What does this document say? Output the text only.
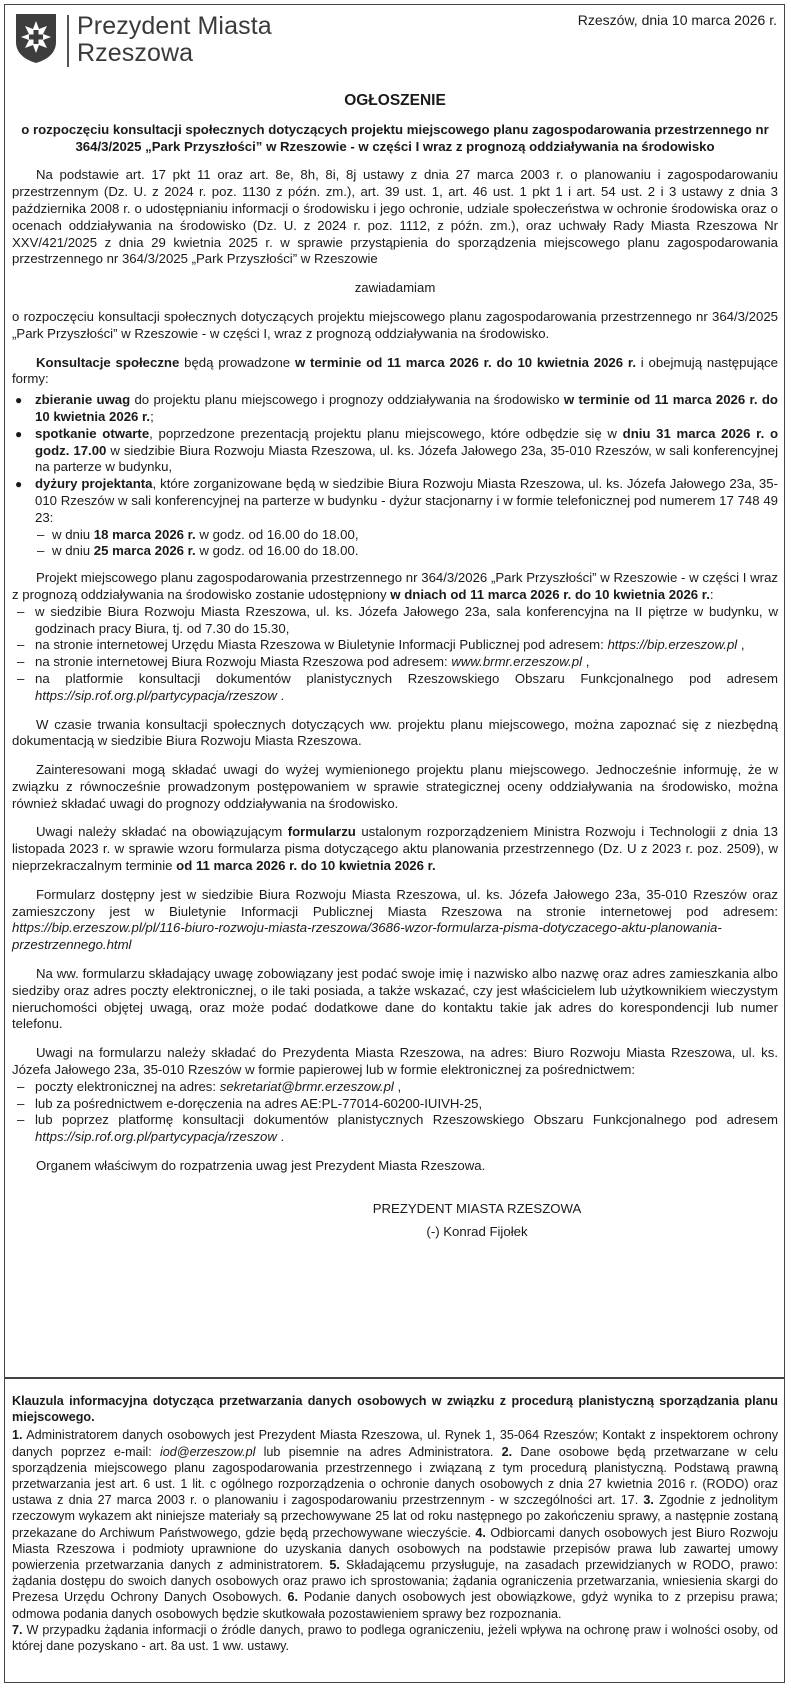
Prezydent Miasta
Rzeszowa
Rzeszów, dnia 10 marca 2026 r.

OGŁOSZENIE

o rozpoczęciu konsultacji społecznych dotyczących projektu miejscowego planu zagospodarowania przestrzennego nr 364/3/2025 „Park Przyszłości” w Rzeszowie - w części I wraz z prognozą oddziaływania na środowisko

Na podstawie art. 17 pkt 11 oraz art. 8e, 8h, 8i, 8j ustawy z dnia 27 marca 2003 r. o planowaniu i zagospodarowaniu przestrzennym (Dz. U. z 2024 r. poz. 1130 z późn. zm.), art. 39 ust. 1, art. 46 ust. 1 pkt 1 i art. 54 ust. 2 i 3 ustawy z dnia 3 października 2008 r. o udostępnianiu informacji o środowisku i jego ochronie, udziale społeczeństwa w ochronie środowiska oraz o ocenach oddziaływania na środowisko (Dz. U. z 2024 r. poz. 1112, z późn. zm.), oraz uchwały Rady Miasta Rzeszowa Nr XXV/421/2025 z dnia 29 kwietnia 2025 r. w sprawie przystąpienia do sporządzenia miejscowego planu zagospodarowania przestrzennego nr 364/3/2025 „Park Przyszłości” w Rzeszowie

zawiadamiam

o rozpoczęciu konsultacji społecznych dotyczących projektu miejscowego planu zagospodarowania przestrzennego nr 364/3/2025 „Park Przyszłości” w Rzeszowie - w części I, wraz z prognozą oddziaływania na środowisko.

Konsultacje społeczne będą prowadzone w terminie od 11 marca 2026 r. do 10 kwietnia 2026 r. i obejmują następujące formy:

● zbieranie uwag do projektu planu miejscowego i prognozy oddziaływania na środowisko w terminie od 11 marca 2026 r. do 10 kwietnia 2026 r.;
● spotkanie otwarte, poprzedzone prezentacją projektu planu miejscowego, które odbędzie się w dniu 31 marca 2026 r. o godz. 17.00 w siedzibie Biura Rozwoju Miasta Rzeszowa, ul. ks. Józefa Jałowego 23a, 35-010 Rzeszów, w sali konferencyjnej na parterze w budynku,
● dyżury projektanta, które zorganizowane będą w siedzibie Biura Rozwoju Miasta Rzeszowa, ul. ks. Józefa Jałowego 23a, 35-010 Rzeszów w sali konferencyjnej na parterze w budynku - dyżur stacjonarny i w formie telefonicznej pod numerem 17 748 49 23:
– w dniu 18 marca 2026 r. w godz. od 16.00 do 18.00,
– w dniu 25 marca 2026 r. w godz. od 16.00 do 18.00.

Projekt miejscowego planu zagospodarowania przestrzennego nr 364/3/2026 „Park Przyszłości” w Rzeszowie - w części I wraz z prognozą oddziaływania na środowisko zostanie udostępniony w dniach od 11 marca 2026 r. do 10 kwietnia 2026 r.:

– w siedzibie Biura Rozwoju Miasta Rzeszowa, ul. ks. Józefa Jałowego 23a, sala konferencyjna na II piętrze w budynku, w godzinach pracy Biura, tj. od 7.30 do 15.30,
– na stronie internetowej Urzędu Miasta Rzeszowa w Biuletynie Informacji Publicznej pod adresem: https://bip.erzeszow.pl ,
– na stronie internetowej Biura Rozwoju Miasta Rzeszowa pod adresem: www.brmr.erzeszow.pl ,
– na platformie konsultacji dokumentów planistycznych Rzeszowskiego Obszaru Funkcjonalnego pod adresem https://sip.rof.org.pl/partycypacja/rzeszow .

W czasie trwania konsultacji społecznych dotyczących ww. projektu planu miejscowego, można zapoznać się z niezbędną dokumentacją w siedzibie Biura Rozwoju Miasta Rzeszowa.

Zainteresowani mogą składać uwagi do wyżej wymienionego projektu planu miejscowego. Jednocześnie informuję, że w związku z równocześnie prowadzonym postępowaniem w sprawie strategicznej oceny oddziaływania na środowisko, można również składać uwagi do prognozy oddziaływania na środowisko.

Uwagi należy składać na obowiązującym formularzu ustalonym rozporządzeniem Ministra Rozwoju i Technologii z dnia 13 listopada 2023 r. w sprawie wzoru formularza pisma dotyczącego aktu planowania przestrzennego (Dz. U z 2023 r. poz. 2509), w nieprzekraczalnym terminie od 11 marca 2026 r. do 10 kwietnia 2026 r.

Formularz dostępny jest w siedzibie Biura Rozwoju Miasta Rzeszowa, ul. ks. Józefa Jałowego 23a, 35-010 Rzeszów oraz zamieszczony jest w Biuletynie Informacji Publicznej Miasta Rzeszowa na stronie internetowej pod adresem: https://bip.erzeszow.pl/pl/116-biuro-rozwoju-miasta-rzeszowa/3686-wzor-formularza-pisma-dotyczacego-aktu-planowania-przestrzennego.html

Na ww. formularzu składający uwagę zobowiązany jest podać swoje imię i nazwisko albo nazwę oraz adres zamieszkania albo siedziby oraz adres poczty elektronicznej, o ile taki posiada, a także wskazać, czy jest właścicielem lub użytkownikiem wieczystym nieruchomości objętej uwagą, oraz może podać dodatkowe dane do kontaktu takie jak adres do korespondencji lub numer telefonu.

Uwagi na formularzu należy składać do Prezydenta Miasta Rzeszowa, na adres: Biuro Rozwoju Miasta Rzeszowa, ul. ks. Józefa Jałowego 23a, 35-010 Rzeszów w formie papierowej lub w formie elektronicznej za pośrednictwem:

– poczty elektronicznej na adres: sekretariat@brmr.erzeszow.pl ,
– lub za pośrednictwem e-doręczenia na adres AE:PL-77014-60200-IUIVH-25,
– lub poprzez platformę konsultacji dokumentów planistycznych Rzeszowskiego Obszaru Funkcjonalnego pod adresem https://sip.rof.org.pl/partycypacja/rzeszow .

Organem właściwym do rozpatrzenia uwag jest Prezydent Miasta Rzeszowa.

PREZYDENT MIASTA RZESZOWA
(-) Konrad Fijołek
Klauzula informacyjna dotycząca przetwarzania danych osobowych w związku z procedurą planistyczną sporządzania planu miejscowego.
1. Administratorem danych osobowych jest Prezydent Miasta Rzeszowa, ul. Rynek 1, 35-064 Rzeszów; Kontakt z inspektorem ochrony danych poprzez e-mail: iod@erzeszow.pl lub pisemnie na adres Administratora. 2. Dane osobowe będą przetwarzane w celu sporządzenia miejscowego planu zagospodarowania przestrzennego i związaną z tym procedurą planistyczną. Podstawą prawną przetwarzania jest art. 6 ust. 1 lit. c ogólnego rozporządzenia o ochronie danych osobowych z dnia 27 kwietnia 2016 r. (RODO) oraz ustawa z dnia 27 marca 2003 r. o planowaniu i zagospodarowaniu przestrzennym - w szczególności art. 17. 3. Zgodnie z jednolitym rzeczowym wykazem akt niniejsze materiały są przechowywane 25 lat od roku następnego po zakończeniu sprawy, a następnie zostaną przekazane do Archiwum Państwowego, gdzie będą przechowywane wieczyście. 4. Odbiorcami danych osobowych jest Biuro Rozwoju Miasta Rzeszowa i podmioty uprawnione do uzyskania danych osobowych na podstawie przepisów prawa lub zawartej umowy powierzenia przetwarzania danych z administratorem. 5. Składającemu przysługuje, na zasadach przewidzianych w RODO, prawo: żądania dostępu do swoich danych osobowych oraz prawo ich sprostowania; żądania ograniczenia przetwarzania, wniesienia skargi do Prezesa Urzędu Ochrony Danych Osobowych. 6. Podanie danych osobowych jest obowiązkowe, gdyż wynika to z przepisu prawa; odmowa podania danych osobowych będzie skutkowała pozostawieniem sprawy bez rozpoznania.
7. W przypadku żądania informacji o źródle danych, prawo to podlega ograniczeniu, jeżeli wpływa na ochronę praw i wolności osoby, od której dane pozyskano - art. 8a ust. 1 ww. ustawy.
